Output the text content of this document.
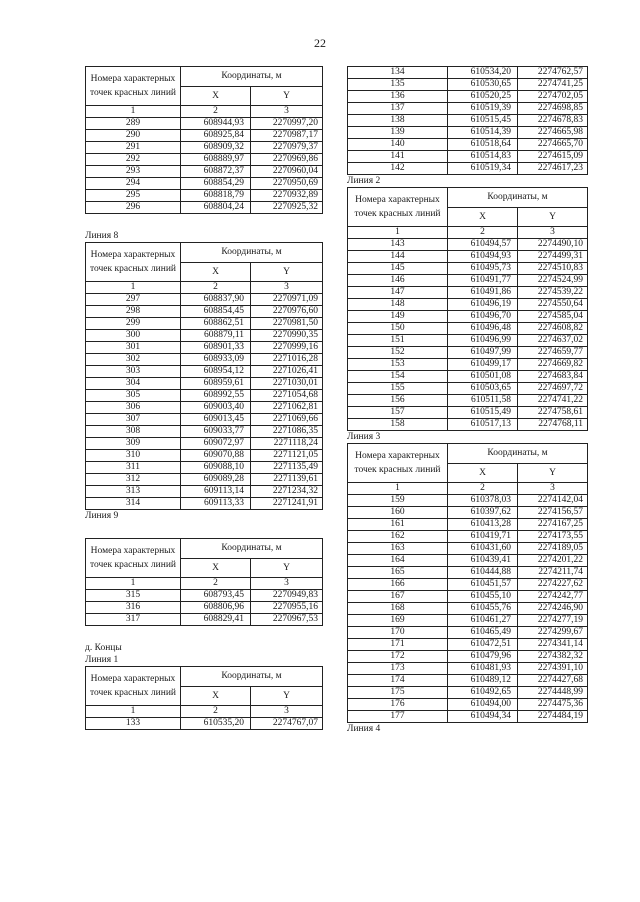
22
Номера характерных точек красных линий	Координаты, м	
	X	Y
1	2	3
289	608944,93	2270997,20
290	608925,84	2270987,17
291	608909,32	2270979,37
292	608889,97	2270969,86
293	608872,37	2270960,04
294	608854,29	2270950,69
295	608818,79	2270932,89
296	608804,24	2270925,32
Линия 8
Номера характерных точек красных линий	Координаты, м	
	X	Y
1	2	3
297	608837,90	2270971,09
298	608854,45	2270976,60
299	608862,51	2270981,50
300	608879,11	2270990,35
301	608901,33	2270999,16
302	608933,09	2271016,28
303	608954,12	2271026,41
304	608959,61	2271030,01
305	608992,55	2271054,68
306	609003,40	2271062,81
307	609013,45	2271069,66
308	609033,77	2271086,35
309	609072,97	2271118,24
310	609070,88	2271121,05
311	609088,10	2271135,49
312	609089,28	2271139,61
313	609113,14	2271234,32
314	609113,33	2271241,91
Линия 9
Номера характерных точек красных линий	Координаты, м	
	X	Y
1	2	3
315	608793,45	2270949,83
316	608806,96	2270955,16
317	608829,41	2270967,53
д. Концы
Линия 1
Номера характерных точек красных линий	Координаты, м	
	X	Y
1	2	3
133	610535,20	2274767,07
134	610534,20	2274762,57
135	610530,65	2274741,25
136	610520,25	2274702,05
137	610519,39	2274698,85
138	610515,45	2274678,83
139	610514,39	2274665,98
140	610518,64	2274665,70
141	610514,83	2274615,09
142	610519,34	2274617,23
Линия 2
Номера характерных точек красных линий	Координаты, м	
	X	Y
1	2	3
143	610494,57	2274490,10
144	610494,93	2274499,31
145	610495,73	2274510,83
146	610491,77	2274524,99
147	610491,86	2274539,22
148	610496,19	2274550,64
149	610496,70	2274585,04
150	610496,48	2274608,82
151	610496,99	2274637,02
152	610497,99	2274659,77
153	610499,17	2274669,82
154	610501,08	2274683,84
155	610503,65	2274697,72
156	610511,58	2274741,22
157	610515,49	2274758,61
158	610517,13	2274768,11
Линия 3
Номера характерных точек красных линий	Координаты, м	
	X	Y
1	2	3
159	610378,03	2274142,04
160	610397,62	2274156,57
161	610413,28	2274167,25
162	610419,71	2274173,55
163	610431,60	2274189,05
164	610439,41	2274201,22
165	610444,88	2274211,74
166	610451,57	2274227,62
167	610455,10	2274242,77
168	610455,76	2274246,90
169	610461,27	2274277,19
170	610465,49	2274299,67
171	610472,51	2274341,14
172	610479,96	2274382,32
173	610481,93	2274391,10
174	610489,12	2274427,68
175	610492,65	2274448,99
176	610494,00	2274475,36
177	610494,34	2274484,19
Линия 4
